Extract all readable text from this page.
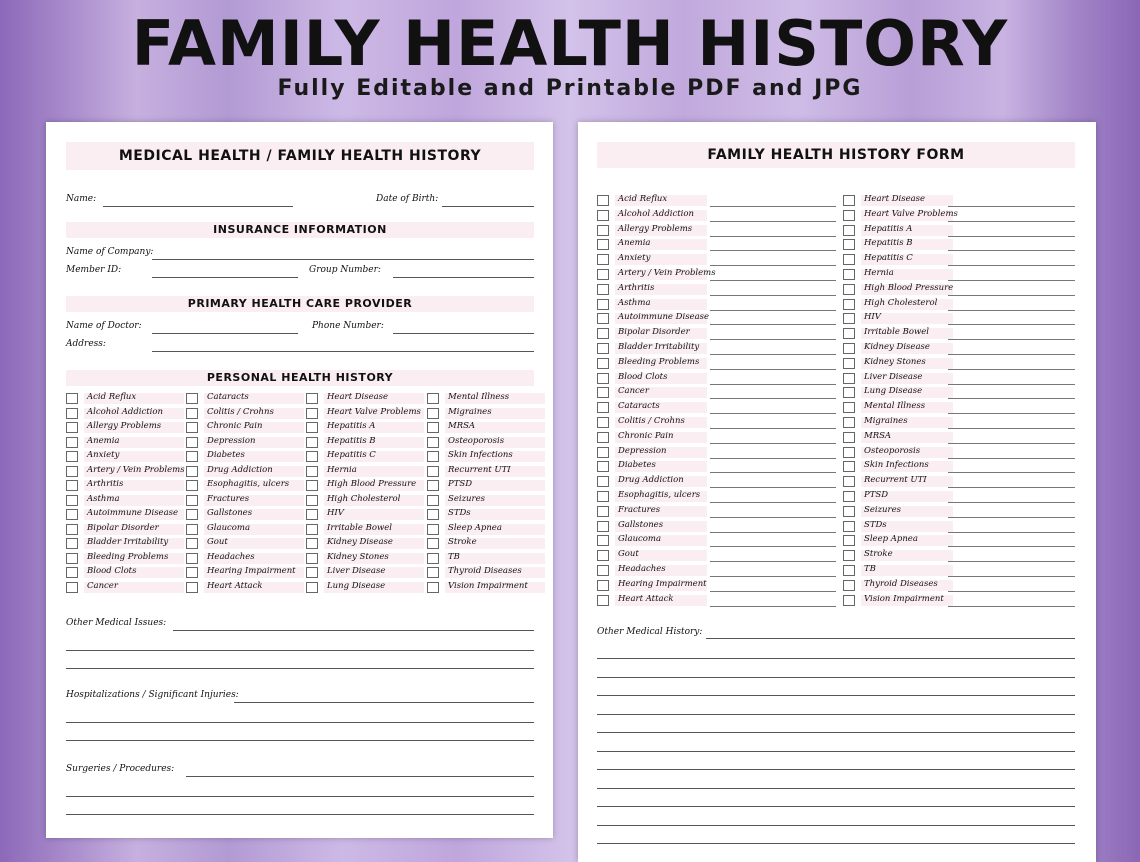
FAMILY HEALTH HISTORY
Fully Editable and Printable PDF and JPG
MEDICAL HEALTH / FAMILY HEALTH HISTORY
Name:	Date of Birth:
INSURANCE INFORMATION
Name of Company:
Member ID:	Group Number:
PRIMARY HEALTH CARE PROVIDER
Name of Doctor:	Phone Number:
Address:
PERSONAL HEALTH HISTORY
Acid Reflux
Alcohol Addiction
Allergy Problems
Anemia
Anxiety
Artery / Vein Problems
Arthritis
Asthma
Autoimmune Disease
Bipolar Disorder
Bladder Irritability
Bleeding Problems
Blood Clots
Cancer
Cataracts
Colitis / Crohns
Chronic Pain
Depression
Diabetes
Drug Addiction
Esophagitis, ulcers
Fractures
Gallstones
Glaucoma
Gout
Headaches
Hearing Impairment
Heart Attack
Heart Disease
Heart Valve Problems
Hepatitis A
Hepatitis B
Hepatitis C
Hernia
High Blood Pressure
High Cholesterol
HIV
Irritable Bowel
Kidney Disease
Kidney Stones
Liver Disease
Lung Disease
Mental Illness
Migraines
MRSA
Osteoporosis
Skin Infections
Recurrent UTI
PTSD
Seizures
STDs
Sleep Apnea
Stroke
TB
Thyroid Diseases
Vision Impairment
Other Medical Issues:
Hospitalizations / Significant Injuries:
Surgeries / Procedures:
FAMILY HEALTH HISTORY FORM
Acid Reflux
Alcohol Addiction
Allergy Problems
Anemia
Anxiety
Artery / Vein Problems
Arthritis
Asthma
Autoimmune Disease
Bipolar Disorder
Bladder Irritability
Bleeding Problems
Blood Clots
Cancer
Cataracts
Colitis / Crohns
Chronic Pain
Depression
Diabetes
Drug Addiction
Esophagitis, ulcers
Fractures
Gallstones
Glaucoma
Gout
Headaches
Hearing Impairment
Heart Attack
Heart Disease
Heart Valve Problems
Hepatitis A
Hepatitis B
Hepatitis C
Hernia
High Blood Pressure
High Cholesterol
HIV
Irritable Bowel
Kidney Disease
Kidney Stones
Liver Disease
Lung Disease
Mental Illness
Migraines
MRSA
Osteoporosis
Skin Infections
Recurrent UTI
PTSD
Seizures
STDs
Sleep Apnea
Stroke
TB
Thyroid Diseases
Vision Impairment
Other Medical History:
